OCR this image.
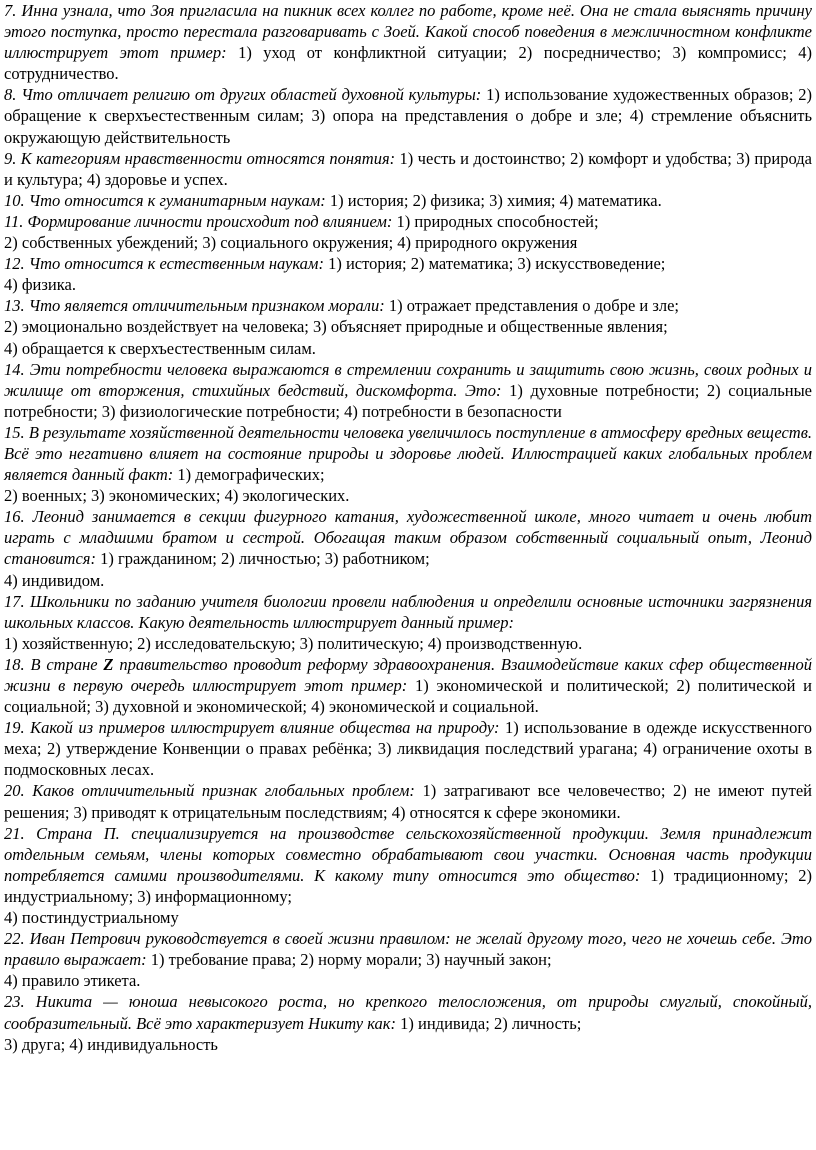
7. Инна узнала, что Зоя пригласила на пикник всех коллег по работе, кроме неё. Она не стала выяснять причину этого поступка, просто перестала разговаривать с Зоей. Какой способ поведения в межличностном конфликте иллюстрирует этот пример: 1) уход от конфликтной ситуации; 2) посредничество; 3) компромисс; 4) сотрудничество.

8. Что отличает религию от других областей духовной культуры: 1) использование художественных образов; 2) обращение к сверхъестественным силам; 3) опора на представления о добре и зле; 4) стремление объяснить окружающую действительность

9. К категориям нравственности относятся понятия: 1) честь и достоинство; 2) комфорт и удобства; 3) природа и культура; 4) здоровье и успех.

10. Что относится к гуманитарным наукам: 1) история; 2) физика; 3) химия; 4) математика.

11. Формирование личности происходит под влиянием: 1) природных способностей;
2) собственных убеждений; 3) социального окружения; 4) природного окружения

12. Что относится к естественным наукам: 1) история; 2) математика; 3) искусствоведение;
4) физика.

13. Что является отличительным признаком морали: 1) отражает представления о добре и зле;
2) эмоционально воздействует на человека; 3) объясняет природные и общественные явления;
4) обращается к сверхъестественным силам.

14. Эти потребности человека выражаются в стремлении сохранить и защитить свою жизнь, своих родных и жилище от вторжения, стихийных бедствий, дискомфорта. Это: 1) духовные потребности; 2) социальные потребности; 3) физиологические потребности; 4) потребности в безопасности

15. В результате хозяйственной деятельности человека увеличилось поступление в атмосферу вредных веществ. Всё это негативно влияет на состояние природы и здоровье людей. Иллюстрацией каких глобальных проблем является данный факт: 1) демографических;
2) военных; 3) экономических; 4) экологических.

16. Леонид занимается в секции фигурного катания, художественной школе, много читает и очень любит играть с младшими братом и сестрой. Обогащая таким образом собственный социальный опыт, Леонид становится: 1) гражданином; 2) личностью; 3) работником;
4) индивидом.

17. Школьники по заданию учителя биологии провели наблюдения и определили основные источники загрязнения школьных классов. Какую деятельность иллюстрирует данный пример:
1) хозяйственную; 2) исследовательскую; 3) политическую; 4) производственную.

18. В стране Z правительство проводит реформу здравоохранения. Взаимодействие каких сфер общественной жизни в первую очередь иллюстрирует этот пример: 1) экономической и политической; 2) политической и социальной; 3) духовной и экономической; 4) экономической и социальной.

19. Какой из примеров иллюстрирует влияние общества на природу: 1) использование в одежде искусственного меха; 2) утверждение Конвенции о правах ребёнка; 3) ликвидация последствий урагана; 4) ограничение охоты в подмосковных лесах.

20. Каков отличительный признак глобальных проблем: 1) затрагивают все человечество; 2) не имеют путей решения; 3) приводят к отрицательным последствиям; 4) относятся к сфере экономики.

21. Страна П. специализируется на производстве сельскохозяйственной продукции. Земля принадлежит отдельным семьям, члены которых совместно обрабатывают свои участки. Основная часть продукции потребляется самими производителями. К какому типу относится это общество: 1) традиционному; 2) индустриальному; 3) информационному;
4) постиндустриальному

22. Иван Петрович руководствуется в своей жизни правилом: не желай другому того, чего не хочешь себе. Это правило выражает: 1) требование права; 2) норму морали; 3) научный закон;
4) правило этикета.

23. Никита — юноша невысокого роста, но крепкого телосложения, от природы смуглый, спокойный, сообразительный. Всё это характеризует Никиту как: 1) индивида; 2) личность;
3) друга; 4) индивидуальность
